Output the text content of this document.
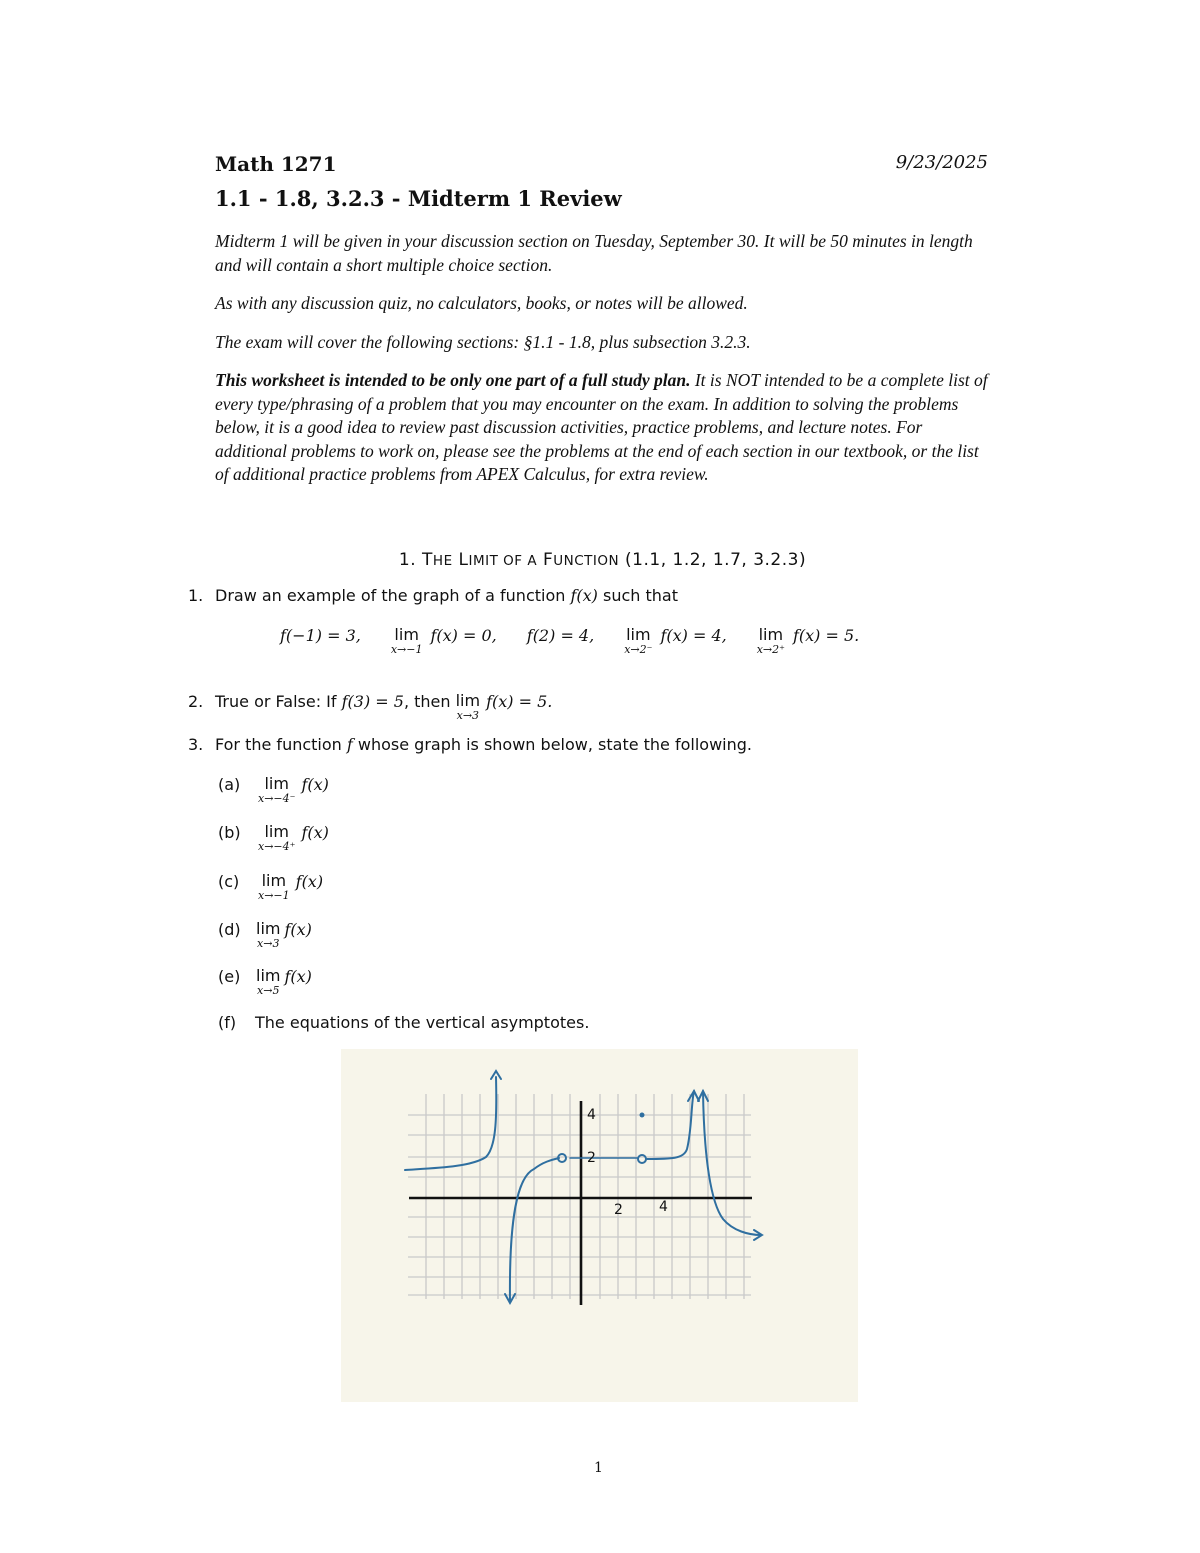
Math 1271	9/23/2025
1.1 - 1.8, 3.2.3 - Midterm 1 Review
Midterm 1 will be given in your discussion section on Tuesday, September 30. It will be 50 minutes in length and will contain a short multiple choice section.
As with any discussion quiz, no calculators, books, or notes will be allowed.
The exam will cover the following sections: §1.1 - 1.8, plus subsection 3.2.3.
This worksheet is intended to be only one part of a full study plan. It is NOT intended to be a complete list of every type/phrasing of a problem that you may encounter on the exam. In addition to solving the problems below, it is a good idea to review past discussion activities, practice problems, and lecture notes. For additional problems to work on, please see the problems at the end of each section in our textbook, or the list of additional practice problems from APEX Calculus, for extra review.
1. THE LIMIT OF A FUNCTION (1.1, 1.2, 1.7, 3.2.3)
1. Draw an example of the graph of a function f(x) such that
f(−1) = 3, lim
x→−1
f(x) = 0, f(2) = 4, lim
x→2⁻
f(x) = 4, lim
x→2⁺
f(x) = 5.
2. True or False: If f(3) = 5 , then lim
x→3
f(x) = 5.
3. For the function f whose graph is shown below, state the following.
(a) lim
x→−4⁻
f(x)
(b) lim
x→−4⁺
f(x)
(c) lim
x→−1
f(x)
(d) lim
x→3
f(x)
(e) lim
x→5
f(x)
(f) The equations of the vertical asymptotes.
4
2
2	4
1
